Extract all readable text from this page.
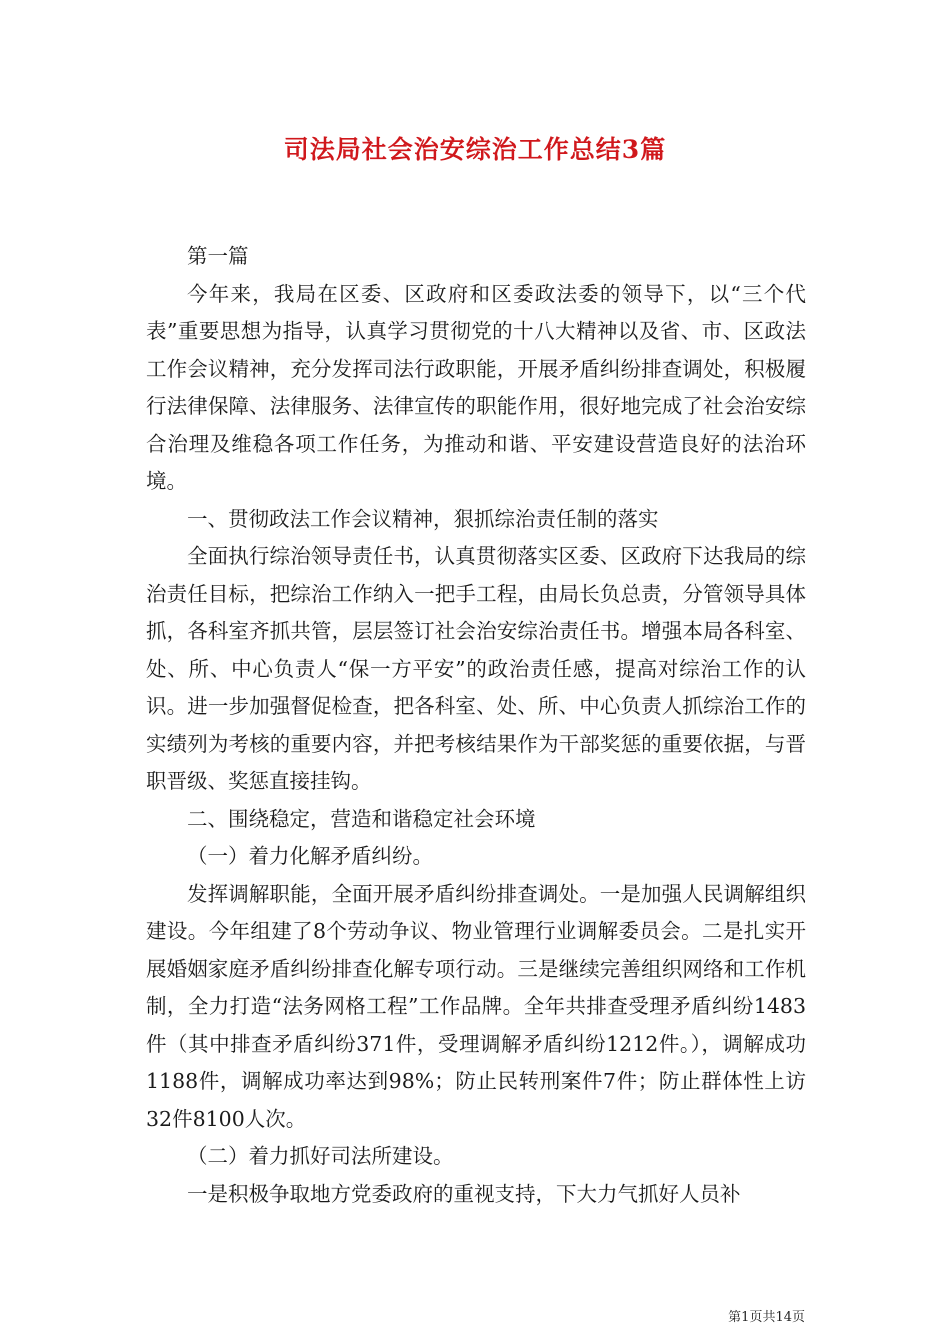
司法局社会治安综治工作总结3篇

第一篇

今年来，我局在区委、区政府和区委政法委的领导下，以“三个代表”重要思想为指导，认真学习贯彻党的十八大精神以及省、市、区政法工作会议精神，充分发挥司法行政职能，开展矛盾纠纷排查调处，积极履行法律保障、法律服务、法律宣传的职能作用，很好地完成了社会治安综合治理及维稳各项工作任务，为推动和谐、平安建设营造良好的法治环境。

一、贯彻政法工作会议精神，狠抓综治责任制的落实

全面执行综治领导责任书，认真贯彻落实区委、区政府下达我局的综治责任目标，把综治工作纳入一把手工程，由局长负总责，分管领导具体抓，各科室齐抓共管，层层签订社会治安综治责任书。增强本局各科室、处、所、中心负责人“保一方平安”的政治责任感，提高对综治工作的认识。进一步加强督促检查，把各科室、处、所、中心负责人抓综治工作的实绩列为考核的重要内容，并把考核结果作为干部奖惩的重要依据，与晋职晋级、奖惩直接挂钩。

二、围绕稳定，营造和谐稳定社会环境

（一）着力化解矛盾纠纷。

发挥调解职能，全面开展矛盾纠纷排查调处。一是加强人民调解组织建设。今年组建了8个劳动争议、物业管理行业调解委员会。二是扎实开展婚姻家庭矛盾纠纷排查化解专项行动。三是继续完善组织网络和工作机制，全力打造“法务网格工程”工作品牌。全年共排查受理矛盾纠纷1483件（其中排查矛盾纠纷371件，受理调解矛盾纠纷1212件。），调解成功1188件，调解成功率达到98%；防止民转刑案件7件；防止群体性上访32件8100人次。

（二）着力抓好司法所建设。

一是积极争取地方党委政府的重视支持，下大力气抓好人员补

第1页共14页
